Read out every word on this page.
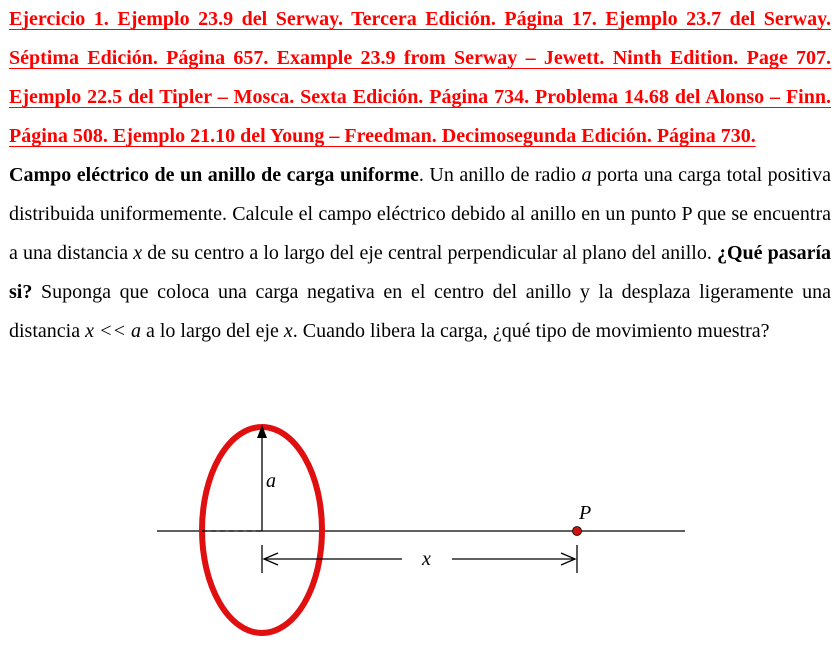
Ejercicio 1. Ejemplo 23.9 del Serway. Tercera Edición. Página 17. Ejemplo 23.7 del Serway. Séptima Edición. Página 657. Example 23.9 from Serway – Jewett. Ninth Edition. Page 707. Ejemplo 22.5 del Tipler – Mosca. Sexta Edición. Página 734. Problema 14.68 del Alonso – Finn. Página 508. Ejemplo 21.10 del Young – Freedman. Decimosegunda Edición. Página 730.

Campo eléctrico de un anillo de carga uniforme. Un anillo de radio a porta una carga total positiva distribuida uniformemente. Calcule el campo eléctrico debido al anillo en un punto P que se encuentra a una distancia x de su centro a lo largo del eje central perpendicular al plano del anillo. ¿Qué pasaría si? Suponga que coloca una carga negativa en el centro del anillo y la desplaza ligeramente una distancia x << a a lo largo del eje x. Cuando libera la carga, ¿qué tipo de movimiento muestra?

a
P
x
